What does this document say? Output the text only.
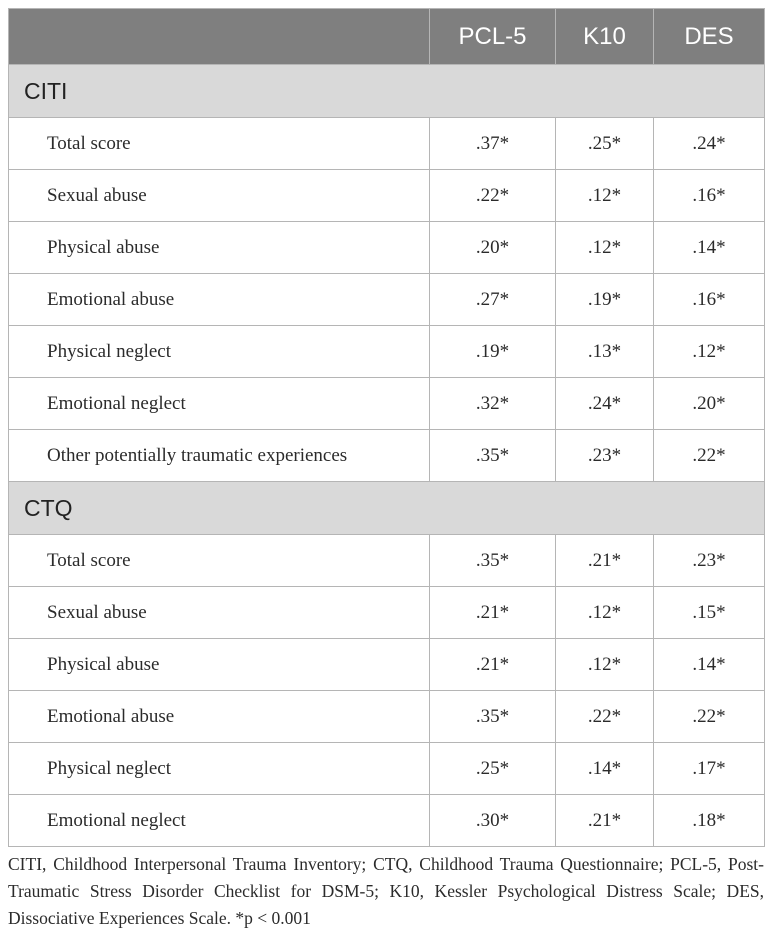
	PCL-5	K10	DES
CITI			
Total score	.37*	.25*	.24*
Sexual abuse	.22*	.12*	.16*
Physical abuse	.20*	.12*	.14*
Emotional abuse	.27*	.19*	.16*
Physical neglect	.19*	.13*	.12*
Emotional neglect	.32*	.24*	.20*
Other potentially traumatic experiences	.35*	.23*	.22*
CTQ			
Total score	.35*	.21*	.23*
Sexual abuse	.21*	.12*	.15*
Physical abuse	.21*	.12*	.14*
Emotional abuse	.35*	.22*	.22*
Physical neglect	.25*	.14*	.17*
Emotional neglect	.30*	.21*	.18*
CITI, Childhood Interpersonal Trauma Inventory; CTQ, Childhood Trauma Questionnaire; PCL-5, Post-Traumatic Stress Disorder Checklist for DSM-5; K10, Kessler Psychological Distress Scale; DES, Dissociative Experiences Scale. *p < 0.001
